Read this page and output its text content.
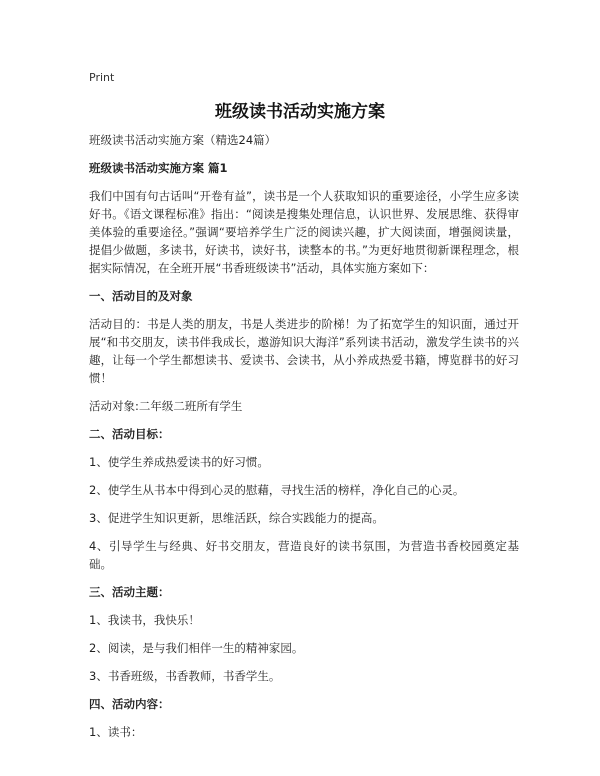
Print
班级读书活动实施方案

班级读书活动实施方案（精选24篇）

班级读书活动实施方案 篇1

我们中国有句古话叫“开卷有益”，读书是一个人获取知识的重要途径，小学生应多读好书。《语文课程标准》指出：“阅读是搜集处理信息，认识世界、发展思维、获得审美体验的重要途径。”强调“要培养学生广泛的阅读兴趣，扩大阅读面，增强阅读量，提倡少做题，多读书，好读书，读好书，读整本的书。”为更好地贯彻新课程理念，根据实际情况，在全班开展“书香班级读书”活动，具体实施方案如下：

一、活动目的及对象

活动目的：书是人类的朋友，书是人类进步的阶梯！为了拓宽学生的知识面，通过开展“和书交朋友，读书伴我成长，遨游知识大海洋”系列读书活动，激发学生读书的兴趣，让每一个学生都想读书、爱读书、会读书，从小养成热爱书籍，博览群书的好习惯！

活动对象:二年级二班所有学生

二、活动目标：

1、使学生养成热爱读书的好习惯。

2、使学生从书本中得到心灵的慰藉，寻找生活的榜样，净化自己的心灵。

3、促进学生知识更新，思维活跃，综合实践能力的提高。

4、引导学生与经典、好书交朋友，营造良好的读书氛围，为营造书香校园奠定基础。

三、活动主题：

1、我读书，我快乐！

2、阅读，是与我们相伴一生的精神家园。

3、书香班级，书香教师，书香学生。

四、活动内容：

1、读书：
